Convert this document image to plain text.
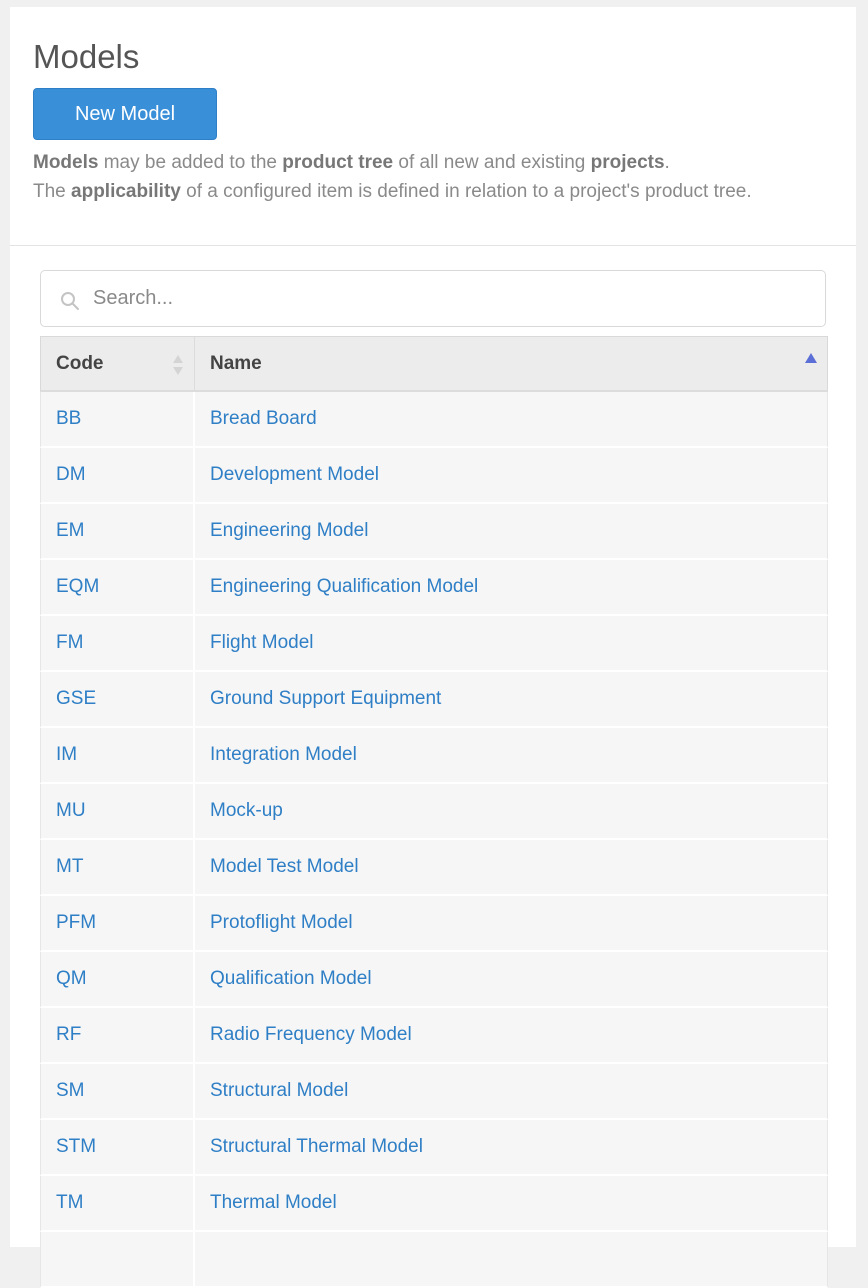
Models
New Model

Models may be added to the product tree of all new and existing projects.
The applicability of a configured item is defined in relation to a project's product tree.

Search...
Code	Name

BB	Bread Board
DM	Development Model
EM	Engineering Model
EQM	Engineering Qualification Model
FM	Flight Model
GSE	Ground Support Equipment
IM	Integration Model
MU	Mock-up
MT	Model Test Model
PFM	Protoflight Model
QM	Qualification Model
RF	Radio Frequency Model
SM	Structural Model
STM	Structural Thermal Model
TM	Thermal Model
